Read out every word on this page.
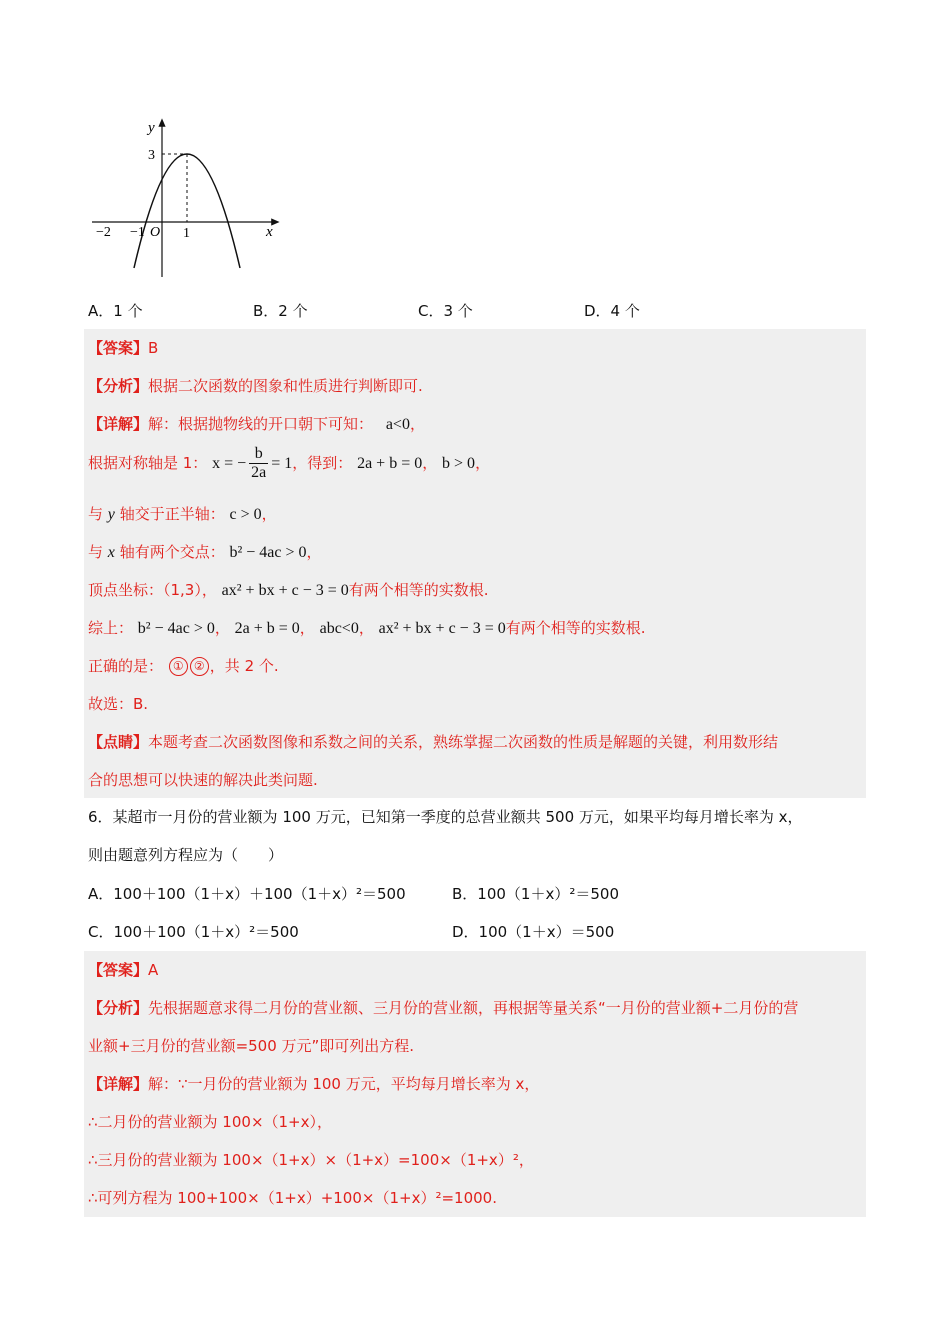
y
x
3
−2 −1 O 1
A．1 个	B．2 个	C．3 个	D．4 个
【答案】B
【分析】根据二次函数的图象和性质进行判断即可.
【详解】解：根据抛物线的开口朝下可知： a<0，
根据对称轴是 1： x = − $\frac{b}{2a} = 1$，得到： 2a + b = 0， b > 0，
与 y 轴交于正半轴： c > 0，
与 x 轴有两个交点： b² − 4ac > 0，
顶点坐标：（1,3）， ax² + bx + c − 3 = 0有两个相等的实数根.
综上： b² − 4ac > 0， 2a + b = 0， abc<0， ax² + bx + c − 3 = 0有两个相等的实数根.
正确的是： ① ② ，共 2 个.
故选：B.
【点睛】本题考查二次函数图像和系数之间的关系，熟练掌握二次函数的性质是解题的关键，利用数形结
合的思想可以快速的解决此类问题.
6．某超市一月份的营业额为 100 万元，已知第一季度的总营业额共 500 万元，如果平均每月增长率为 x，
则由题意列方程应为（　　）
A．100＋100（1＋x）＋100（1＋x）²＝500	B．100（1＋x）²＝500
C．100＋100（1＋x）²＝500	D．100（1＋x）＝500
【答案】A
【分析】先根据题意求得二月份的营业额、三月份的营业额，再根据等量关系“一月份的营业额+二月份的营
业额+三月份的营业额=500 万元”即可列出方程.
【详解】解：∵一月份的营业额为 100 万元，平均每月增长率为 x，
∴二月份的营业额为 100×（1+x），
∴三月份的营业额为 100×（1+x）×（1+x）=100×（1+x）²，
∴可列方程为 100+100×（1+x）+100×（1+x）²=1000.
